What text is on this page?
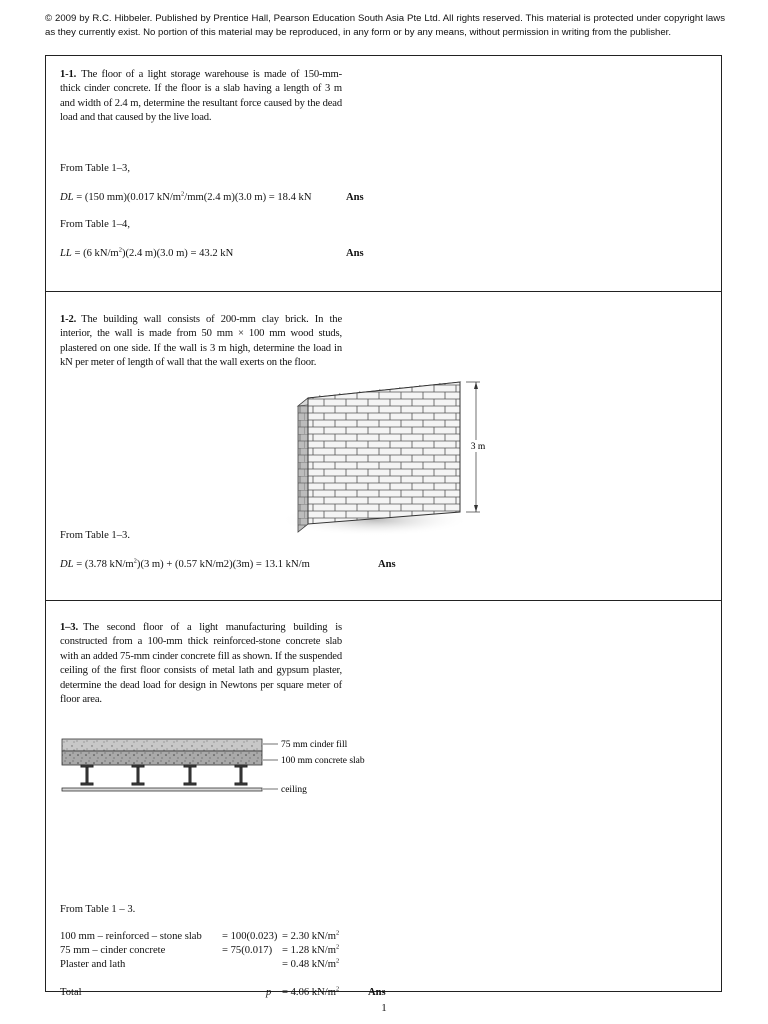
© 2009 by R.C. Hibbeler. Published by Prentice Hall, Pearson Education South Asia Pte Ltd. All rights reserved. This material is protected under copyright laws as they currently exist. No portion of this material may be reproduced, in any form or by any means, without permission in writing from the publisher.
1-1. The floor of a light storage warehouse is made of 150-mm-thick cinder concrete. If the floor is a slab having a length of 3 m and width of 2.4 m, determine the resultant force caused by the dead load and that caused by the live load.
From Table 1–3,
DL = (150 mm)(0.017 $kN/m^2/mm(2.4$ m)(3.0 m) = 18.4 kN	Ans
From Table 1–4,
LL = (6 $kN/m^2)(2.4$ m)(3.0 m) = 43.2 kN	Ans
1-2. The building wall consists of 200-mm clay brick. In the interior, the wall is made from 50 mm × 100 mm wood studs, plastered on one side. If the wall is 3 m high, determine the load in kN per meter of length of wall that the wall exerts on the floor.
3 m
From Table 1–3.
DL = (3.78 $kN/m^2)(3$ m) + (0.57 kN/m2)(3m) = 13.1 kN/m	Ans
1–3. The second floor of a light manufacturing building is constructed from a 100-mm thick reinforced-stone concrete slab with an added 75-mm cinder concrete fill as shown. If the suspended ceiling of the first floor consists of metal lath and gypsum plaster, determine the dead load for design in Newtons per square meter of floor area.
75 mm cinder fill
100 mm concrete slab
ceiling
From Table 1 – 3.
100 mm – reinforced – stone slab = 100(0.023) = 2.30 $kN/m^2$
75 mm – cinder concrete	= 75(0.017) = 1.28 $kN/m^2$
Plaster and lath	= 0.48 $kN/m^2$
Total	p = 4.06 $kN/m^2$	Ans
1
